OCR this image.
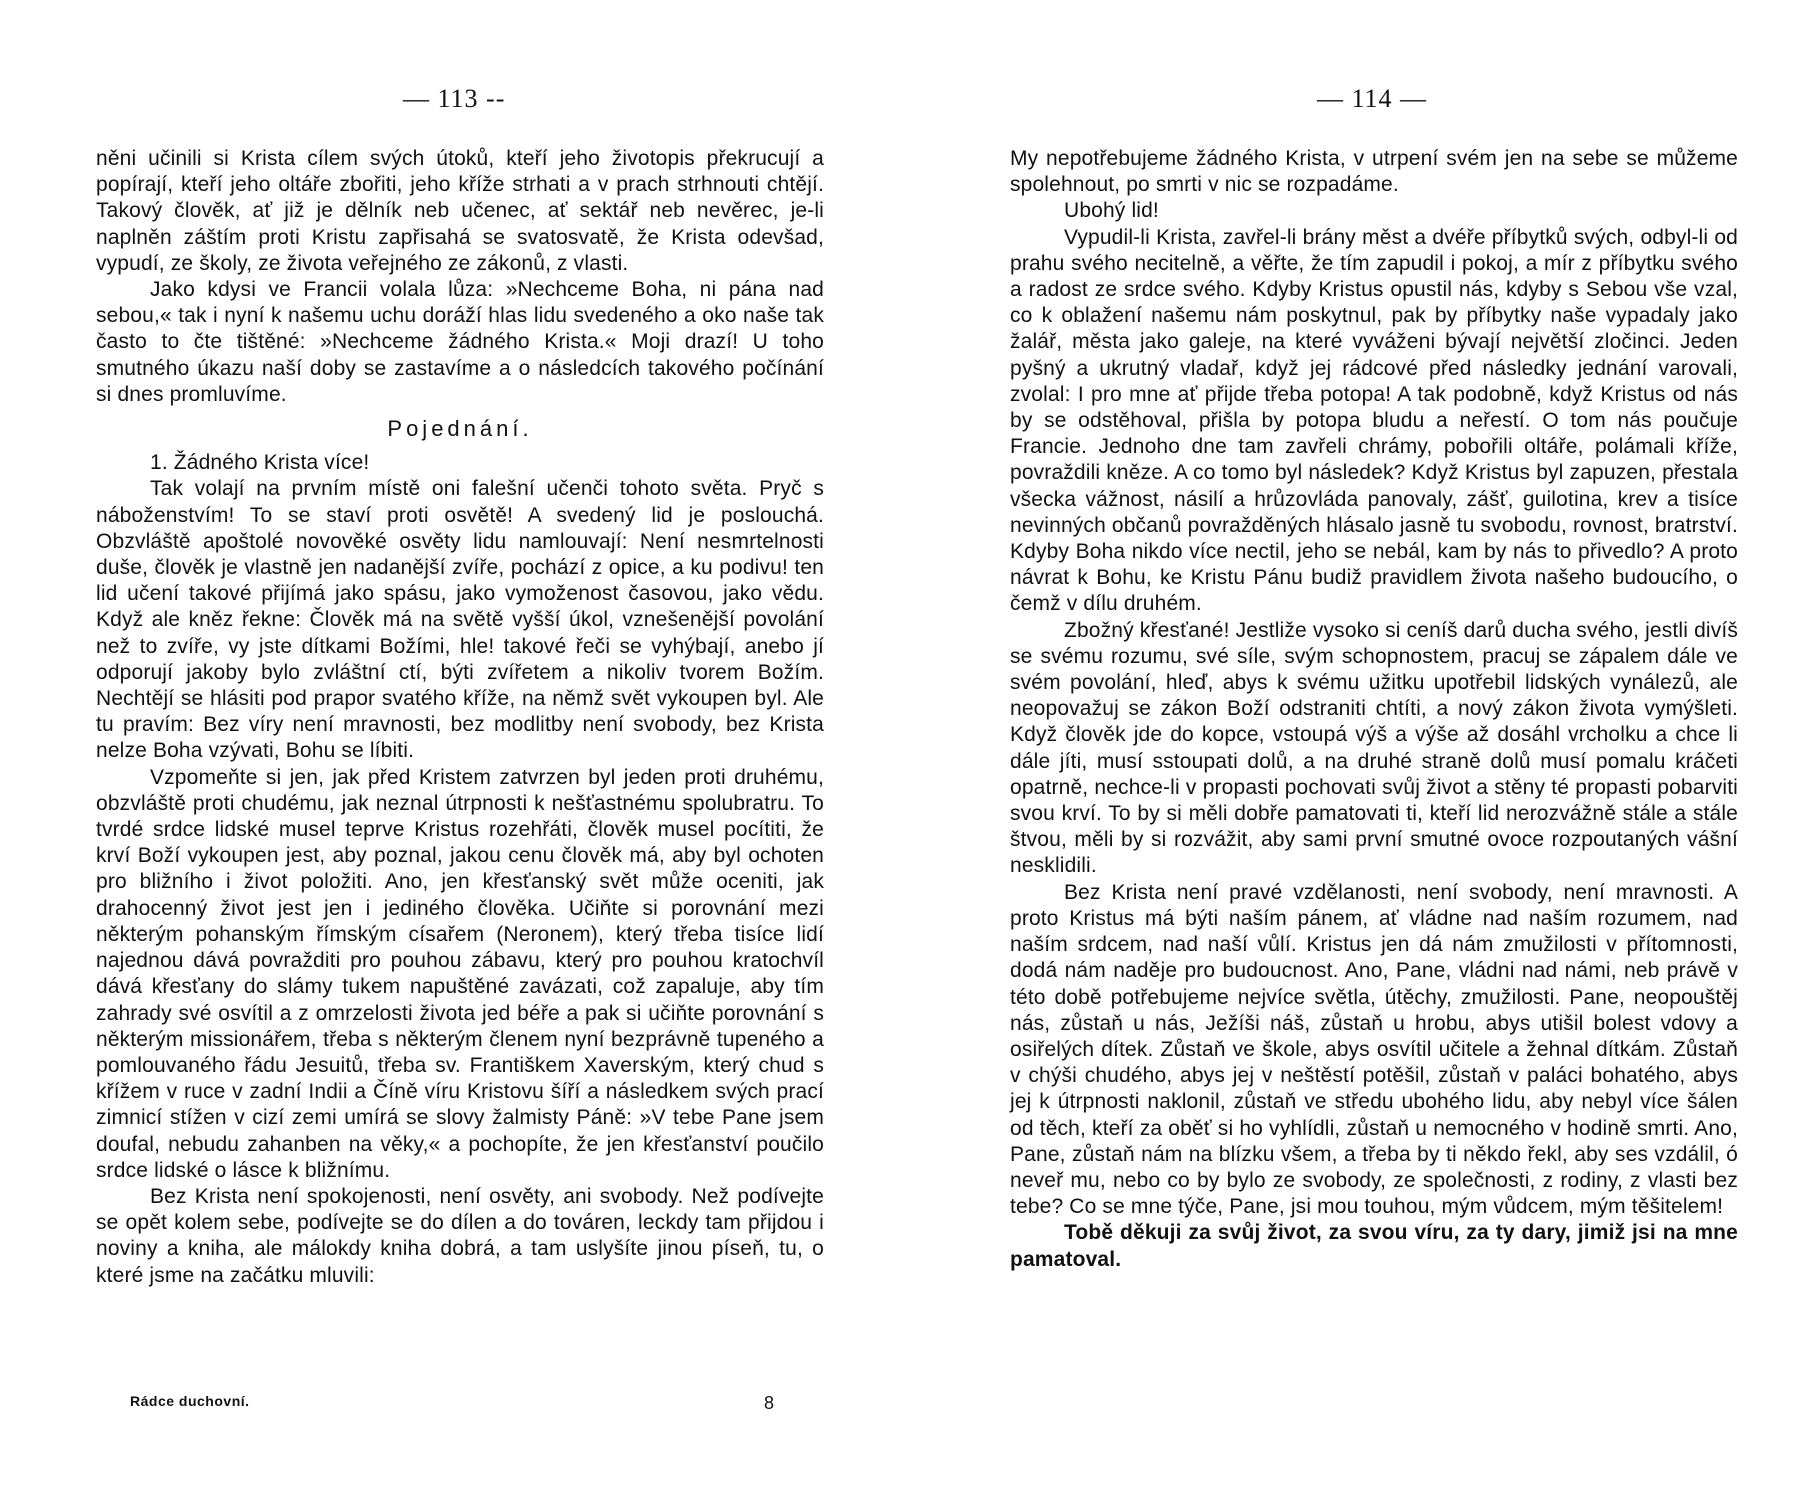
— 113 --

něni učinili si Krista cílem svých útoků, kteří jeho životopis překrucují a popírají, kteří jeho oltáře zbořiti, jeho kříže strhati a v prach strhnouti chtějí. Takový člověk, ať již je dělník neb učenec, ať sektář neb nevěrec, je-li naplněn záštím proti Kristu zapřisahá se svatosvatě, že Krista odevšad, vypudí, ze školy, ze života veřejného ze zákonů, z vlasti.

Jako kdysi ve Francii volala lůza: »Nechceme Boha, ni pána nad sebou,« tak i nyní k našemu uchu doráží hlas lidu svedeného a oko naše tak často to čte tištěné: »Nechceme žádného Krista.« Moji drazí! U toho smutného úkazu naší doby se zastavíme a o následcích takového počínání si dnes promluvíme.

Pojednání.

1. Žádného Krista více!

Tak volají na prvním místě oni falešní učenči tohoto světa. Pryč s náboženstvím! To se staví proti osvětě! A svedený lid je poslouchá. Obzvláště apoštolé novověké osvěty lidu namlouvají: Není nesmrtelnosti duše, člověk je vlastně jen nadanější zvíře, pochází z opice, a ku podivu! ten lid učení takové přijímá jako spásu, jako vymoženost časovou, jako vědu. Když ale kněz řekne: Člověk má na světě vyšší úkol, vznešenější povolání než to zvíře, vy jste dítkami Božími, hle! takové řeči se vyhýbají, anebo jí odporují jakoby bylo zvláštní ctí, býti zvířetem a nikoliv tvorem Božím. Nechtějí se hlásiti pod prapor svatého kříže, na němž svět vykoupen byl. Ale tu pravím: Bez víry není mravnosti, bez modlitby není svobody, bez Krista nelze Boha vzývati, Bohu se líbiti.

Vzpomeňte si jen, jak před Kristem zatvrzen byl jeden proti druhému, obzvláště proti chudému, jak neznal útrpnosti k nešťastnému spolubratru. To tvrdé srdce lidské musel teprve Kristus rozehřáti, člověk musel pocítiti, že krví Boží vykoupen jest, aby poznal, jakou cenu člověk má, aby byl ochoten pro bližního i život položiti. Ano, jen křesťanský svět může oceniti, jak drahocenný život jest jen i jediného člověka. Učiňte si porovnání mezi některým pohanským římským císařem (Neronem), který třeba tisíce lidí najednou dává povražditi pro pouhou zábavu, který pro pouhou kratochvíl dává křesťany do slámy tukem napuštěné zavázati, což zapaluje, aby tím zahrady své osvítil a z omrzelosti života jed béře a pak si učiňte porovnání s některým missionářem, třeba s některým členem nyní bezprávně tupeného a pomlouvaného řádu Jesuitů, třeba sv. Františkem Xaverským, který chud s křížem v ruce v zadní Indii a Číně víru Kristovu šíří a následkem svých prací zimnicí stížen v cizí zemi umírá se slovy žalmisty Páně: »V tebe Pane jsem doufal, nebudu zahanben na věky,« a pochopíte, že jen křesťanství poučilo srdce lidské o lásce k bližnímu.

Bez Krista není spokojenosti, není osvěty, ani svobody. Než podívejte se opět kolem sebe, podívejte se do dílen a do továren, leckdy tam přijdou i noviny a kniha, ale málokdy kniha dobrá, a tam uslyšíte jinou píseň, tu, o které jsme na začátku mluvili:

Rádce duchovní.	8
— 114 —

My nepotřebujeme žádného Krista, v utrpení svém jen na sebe se můžeme spolehnout, po smrti v nic se rozpadáme.

Ubohý lid!

Vypudil-li Krista, zavřel-li brány měst a dvéře příbytků svých, odbyl-li od prahu svého necitelně, a věřte, že tím zapudil i pokoj, a mír z příbytku svého a radost ze srdce svého. Kdyby Kristus opustil nás, kdyby s Sebou vše vzal, co k oblažení našemu nám poskytnul, pak by příbytky naše vypadaly jako žalář, města jako galeje, na které vyváženi bývají největší zločinci. Jeden pyšný a ukrutný vladař, když jej rádcové před následky jednání varovali, zvolal: I pro mne ať přijde třeba potopa! A tak podobně, když Kristus od nás by se odstěhoval, přišla by potopa bludu a neřestí. O tom nás poučuje Francie. Jednoho dne tam zavřeli chrámy, pobořili oltáře, polámali kříže, povraždili kněze. A co tomo byl následek? Když Kristus byl zapuzen, přestala všecka vážnost, násilí a hrůzovláda panovaly, zášť, guilotina, krev a tisíce nevinných občanů povražděných hlásalo jasně tu svobodu, rovnost, bratrství. Kdyby Boha nikdo více nectil, jeho se nebál, kam by nás to přivedlo? A proto návrat k Bohu, ke Kristu Pánu budiž pravidlem života našeho budoucího, o čemž v dílu druhém.

Zbožný křesťané! Jestliže vysoko si ceníš darů ducha svého, jestli divíš se svému rozumu, své síle, svým schopnostem, pracuj se zápalem dále ve svém povolání, hleď, abys k svému užitku upotřebil lidských vynálezů, ale neopovažuj se zákon Boží odstraniti chtíti, a nový zákon života vymýšleti. Když člověk jde do kopce, vstoupá výš a výše až dosáhl vrcholku a chce li dále jíti, musí sstoupati dolů, a na druhé straně dolů musí pomalu kráčeti opatrně, nechce-li v propasti pochovati svůj život a stěny té propasti pobarviti svou krví. To by si měli dobře pamatovati ti, kteří lid nerozvážně stále a stále štvou, měli by si rozvážit, aby sami první smutné ovoce rozpoutaných vášní nesklidili.

Bez Krista není pravé vzdělanosti, není svobody, není mravnosti. A proto Kristus má býti naším pánem, ať vládne nad naším rozumem, nad naším srdcem, nad naší vůlí. Kristus jen dá nám zmužilosti v přítomnosti, dodá nám naděje pro budoucnost. Ano, Pane, vládni nad námi, neb právě v této době potřebujeme nejvíce světla, útěchy, zmužilosti. Pane, neopouštěj nás, zůstaň u nás, Ježíši náš, zůstaň u hrobu, abys utišil bolest vdovy a osiřelých dítek. Zůstaň ve škole, abys osvítil učitele a žehnal dítkám. Zůstaň v chýši chudého, abys jej v neštěstí potěšil, zůstaň v paláci bohatého, abys jej k útrpnosti naklonil, zůstaň ve středu ubohého lidu, aby nebyl více šálen od těch, kteří za oběť si ho vyhlídli, zůstaň u nemocného v hodině smrti. Ano, Pane, zůstaň nám na blízku všem, a třeba by ti někdo řekl, aby ses vzdálil, ó neveř mu, nebo co by bylo ze svobody, ze společnosti, z rodiny, z vlasti bez tebe? Co se mne týče, Pane, jsi mou touhou, mým vůdcem, mým těšitelem!

Tobě děkuji za svůj život, za svou víru, za ty dary, jimiž jsi na mne pamatoval.
